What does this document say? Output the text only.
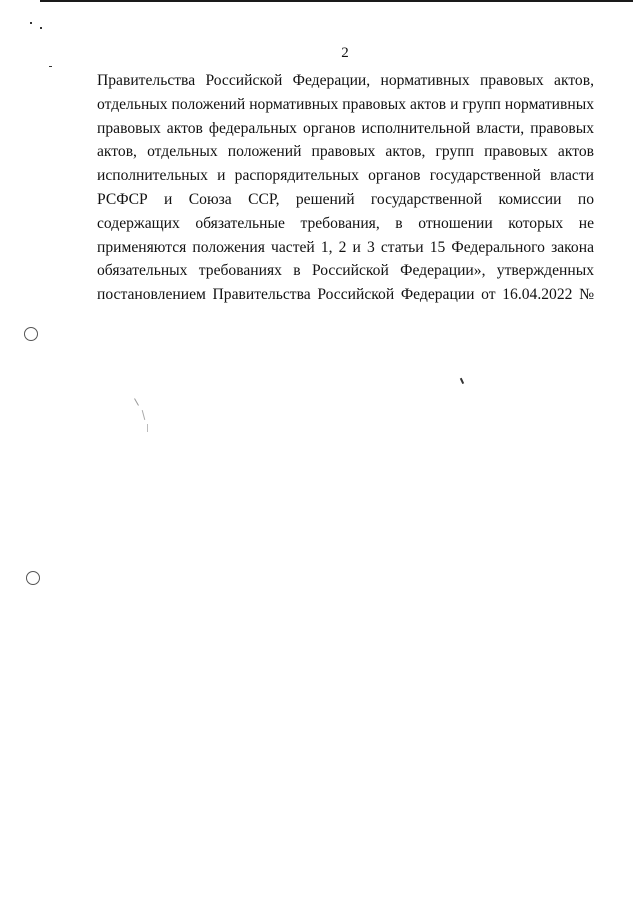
2
Правительства Российской Федерации, нормативных правовых актов,
отдельных положений нормативных правовых актов и групп нормативных
правовых актов федеральных органов исполнительной власти, правовых
актов, отдельных положений правовых актов, групп правовых актов
исполнительных и распорядительных органов государственной власти
РСФСР и Союза ССР, решений государственной комиссии по
содержащих обязательные требования, в отношении которых не
применяются положения частей 1, 2 и 3 статьи 15 Федерального закона
обязательных требованиях в Российской Федерации», утвержденных
постановлением Правительства Российской Федерации от 16.04.2022 №
